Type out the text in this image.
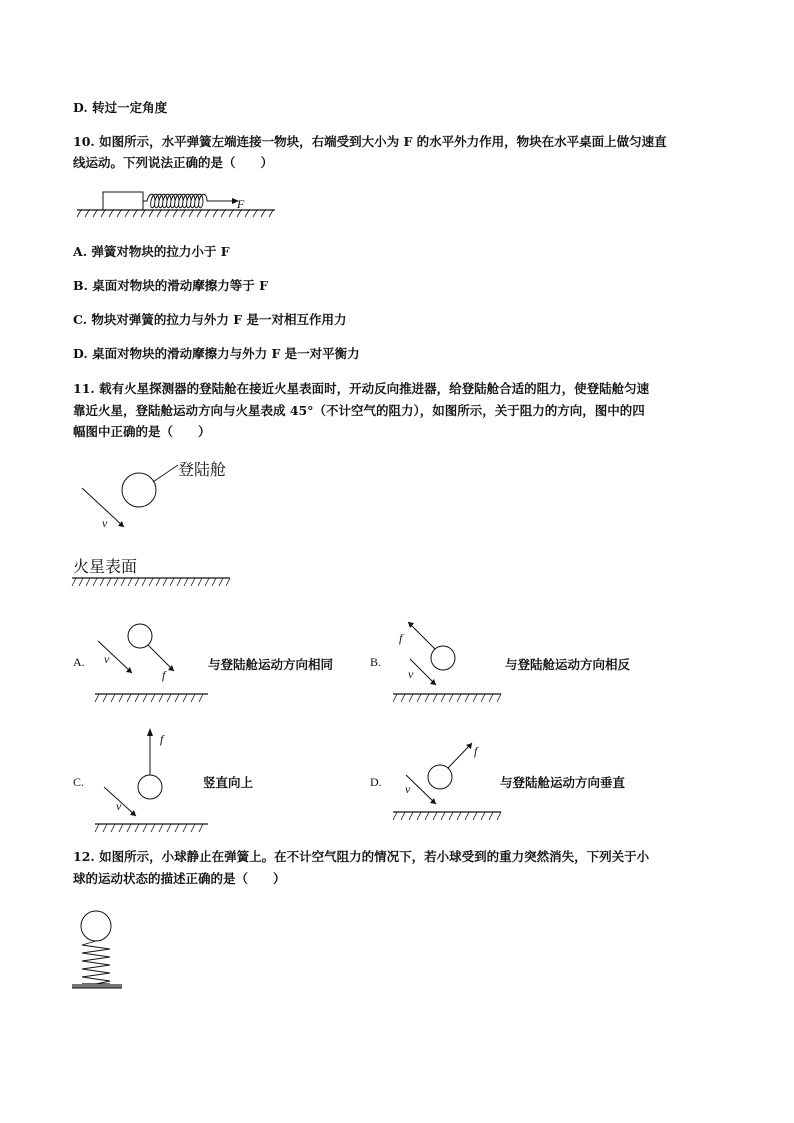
D. 转过一定角度
10. 如图所示，水平弹簧左端连接一物块，右端受到大小为 F 的水平外力作用，物块在水平桌面上做匀速直
线运动。下列说法正确的是（　　）
F
A. 弹簧对物块的拉力小于 F
B. 桌面对物块的滑动摩擦力等于 F
C. 物块对弹簧的拉力与外力 F 是一对相互作用力
D. 桌面对物块的滑动摩擦力与外力 F 是一对平衡力
11. 载有火星探测器的登陆舱在接近火星表面时，开动反向推进器，给登陆舱合适的阻力，使登陆舱匀速
靠近火星，登陆舱运动方向与火星表成 45°（不计空气的阻力），如图所示，关于阻力的方向，图中的四
幅图中正确的是（　　）
v
登陆舱
火星表面
A. v
f
与登陆舱运动方向相同	B.
f
v
与登陆舱运动方向相反
C.
f
v
竖直向上	D.
f
v	与登陆舱运动方向垂直
12. 如图所示，小球静止在弹簧上。在不计空气阻力的情况下，若小球受到的重力突然消失，下列关于小
球的运动状态的描述正确的是（　　）
